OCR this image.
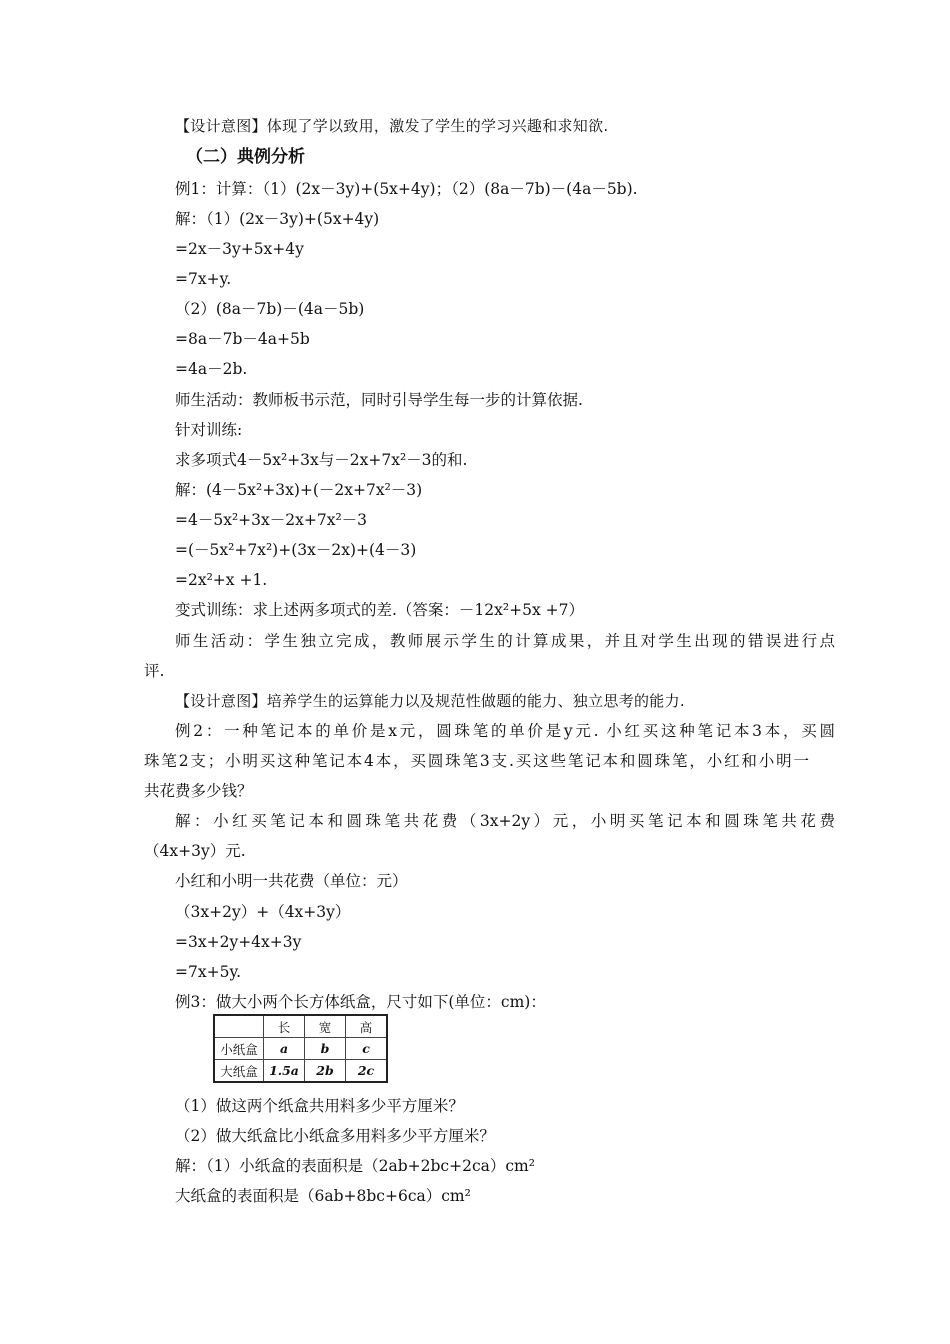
【设计意图】体现了学以致用，激发了学生的学习兴趣和求知欲.
（二）典例分析
例1：计算：（1）(2x－3y)+(5x+4y)；（2）(8a－7b)－(4a－5b).
解：（1）(2x－3y)+(5x+4y)
=2x－3y+5x+4y
=7x+y.
（2）(8a－7b)－(4a－5b)
=8a－7b－4a+5b
=4a－2b.
师生活动：教师板书示范，同时引导学生每一步的计算依据.
针对训练:
求多项式4－5x²+3x与－2x+7x²－3的和.
解：(4－5x²+3x)+(－2x+7x²－3)
=4－5x²+3x－2x+7x²－3
=(－5x²+7x²)+(3x－2x)+(4－3)
=2x²+x +1.
变式训练：求上述两多项式的差.（答案：－12x²+5x +7）
师生活动：学生独立完成，教师展示学生的计算成果，并且对学生出现的错误进行点
评.
【设计意图】培养学生的运算能力以及规范性做题的能力、独立思考的能力.
例2：一种笔记本的单价是x元，圆珠笔的单价是y元. 小红买这种笔记本3本，买圆
珠笔2支；小明买这种笔记本4本，买圆珠笔3支.买这些笔记本和圆珠笔，小红和小明一
共花费多少钱？
解：小红买笔记本和圆珠笔共花费（3x+2y）元，小明买笔记本和圆珠笔共花费
（4x+3y）元.
小红和小明一共花费（单位：元）
（3x+2y）+（4x+3y）
=3x+2y+4x+3y
=7x+5y.
例3：做大小两个长方体纸盒，尺寸如下(单位：cm)：
	长	宽	高
小纸盒	a	b	c
大纸盒	1.5a	2b	2c
（1）做这两个纸盒共用料多少平方厘米？
（2）做大纸盒比小纸盒多用料多少平方厘米？
解：（1）小纸盒的表面积是（2ab+2bc+2ca）cm²
大纸盒的表面积是（6ab+8bc+6ca）cm²
